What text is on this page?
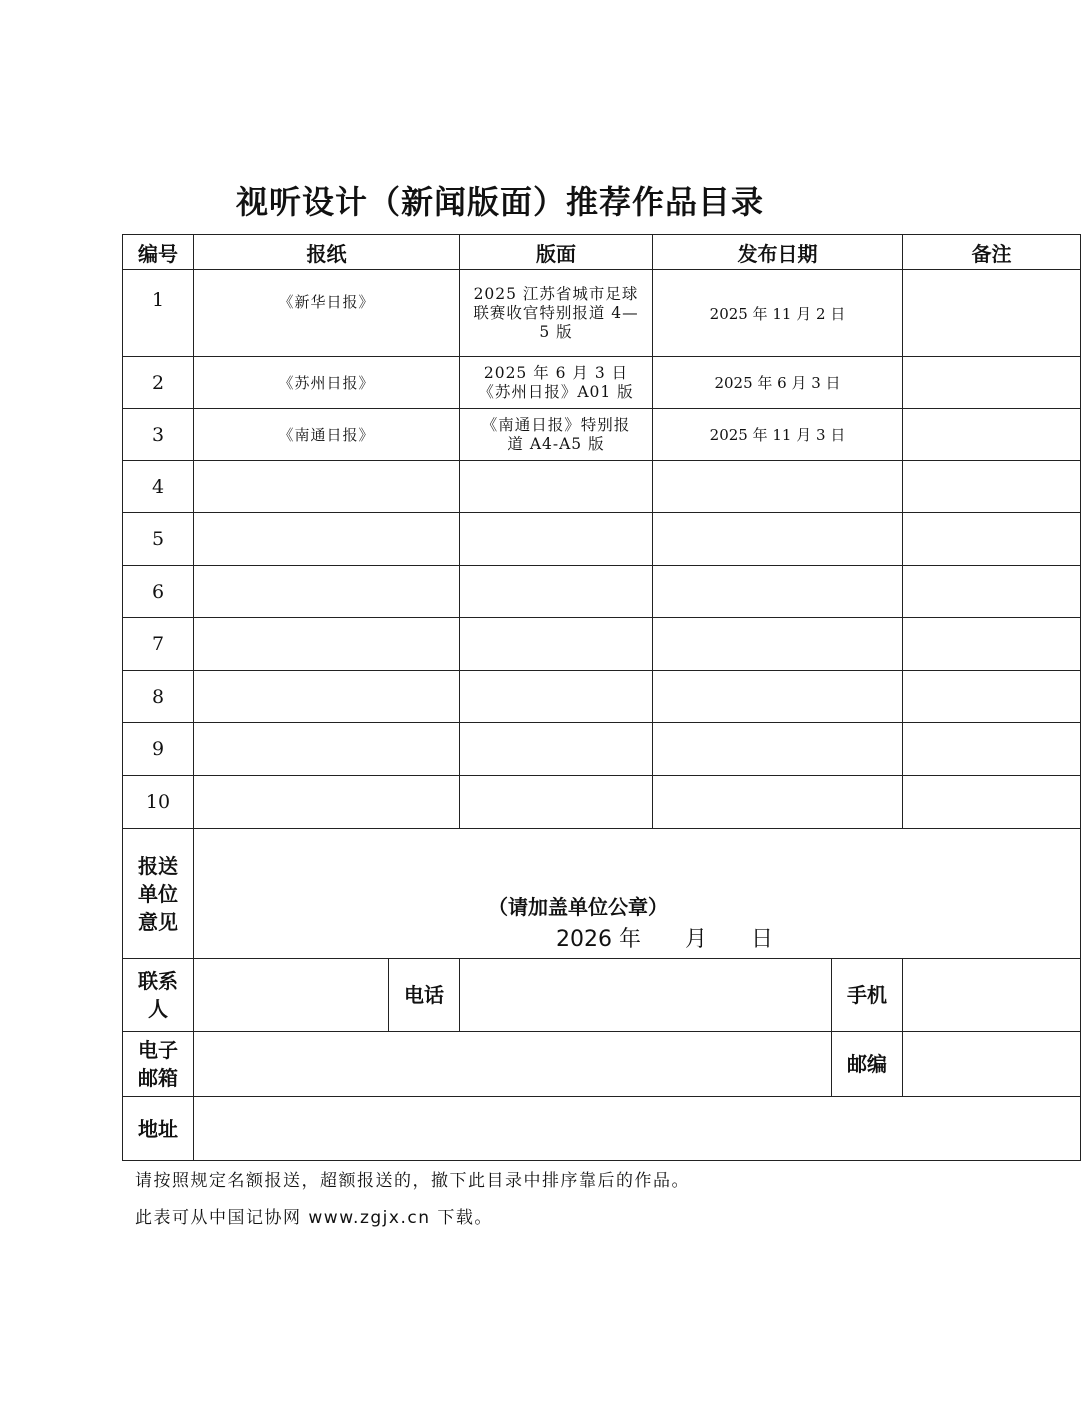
视听设计（新闻版面）推荐作品目录
编号	报纸		版面	发布日期		备注
1	《新华日报》		2025 江苏省城市足球联赛收官特别报道 4—5 版	2025 年 11 月 2 日		
2	《苏州日报》		2025 年 6 月 3 日《苏州日报》A01 版	2025 年 6 月 3 日		
3	《南通日报》		《南通日报》特别报道 A4-A5 版	2025 年 11 月 3 日		
4						
5						
6						
7						
8						
9						
10						
报送单位意见	（请加盖单位公章）
2026 年　　月　　日					

联系人		电话			手机	
电子邮箱					邮编	
地址						
请按照规定名额报送，超额报送的，撤下此目录中排序靠后的作品。
此表可从中国记协网 www.zgjx.cn 下载。
